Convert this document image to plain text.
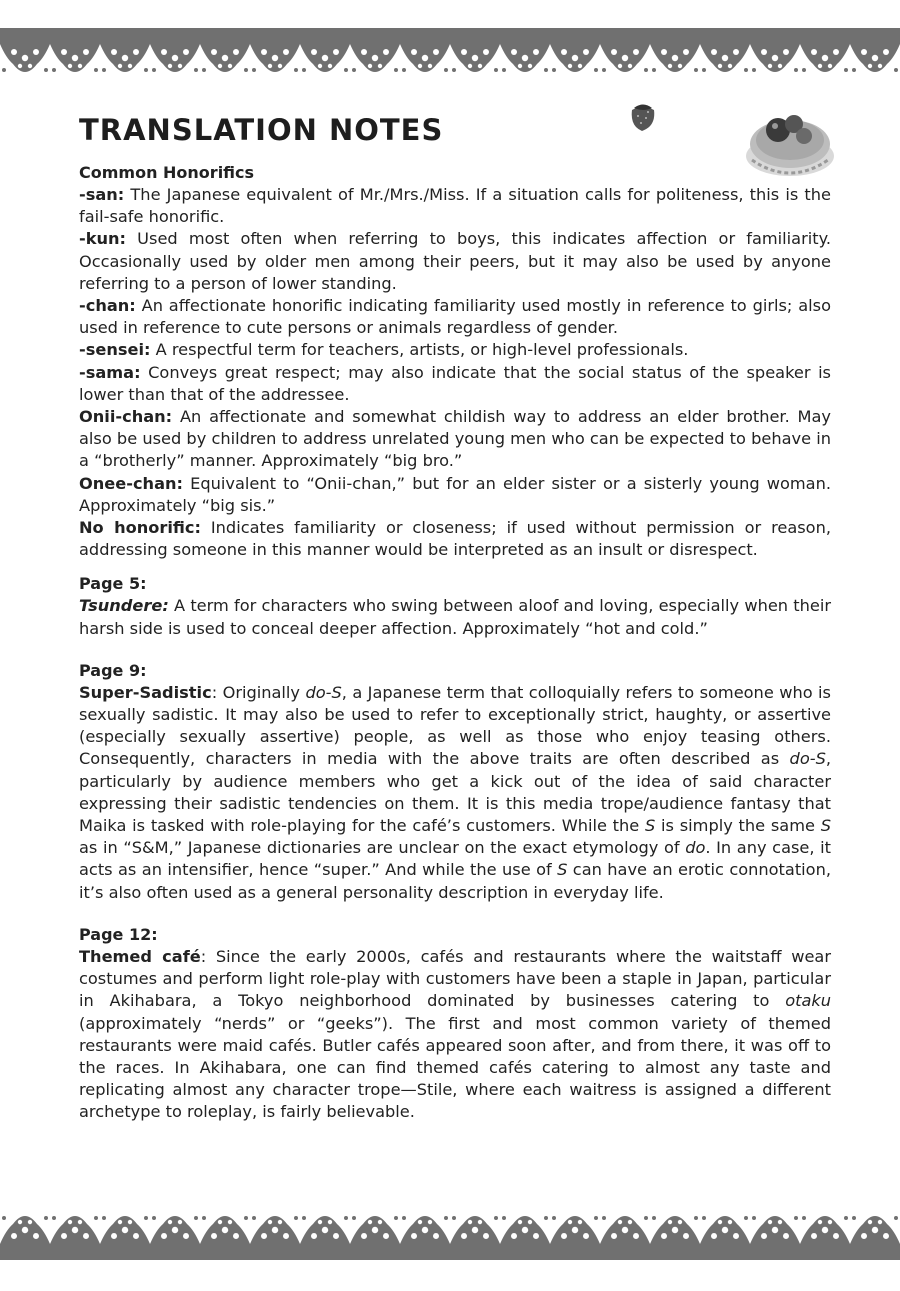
TRANSLATION NOTES

Common Honorifics

-san: The Japanese equivalent of Mr./Mrs./Miss. If a situation calls for politeness, this is the fail-safe honorific.

-kun: Used most often when referring to boys, this indicates affection or familiarity. Occasionally used by older men among their peers, but it may also be used by anyone referring to a person of lower standing.

-chan: An affectionate honorific indicating familiarity used mostly in reference to girls; also used in reference to cute persons or animals regardless of gender.

-sensei: A respectful term for teachers, artists, or high-level professionals.

-sama: Conveys great respect; may also indicate that the social status of the speaker is lower than that of the addressee.

Onii-chan: An affectionate and somewhat childish way to address an elder brother. May also be used by children to address unrelated young men who can be expected to behave in a “brotherly” manner. Approximately “big bro.”

Onee-chan: Equivalent to “Onii-chan,” but for an elder sister or a sisterly young woman. Approximately “big sis.”

No honorific: Indicates familiarity or closeness; if used without permission or reason, addressing someone in this manner would be interpreted as an insult or disrespect.

Page 5:

Tsundere: A term for characters who swing between aloof and loving, especially when their harsh side is used to conceal deeper affection. Approximately “hot and cold.”

Page 9:

Super-Sadistic: Originally do-S, a Japanese term that colloquially refers to someone who is sexually sadistic. It may also be used to refer to exceptionally strict, haughty, or assertive (especially sexually assertive) people, as well as those who enjoy teasing others. Consequently, characters in media with the above traits are often described as do-S, particularly by audience members who get a kick out of the idea of said character expressing their sadistic tendencies on them. It is this media trope/audience fantasy that Maika is tasked with role-playing for the café’s customers. While the S is simply the same S as in “S&M,” Japanese dictionaries are unclear on the exact etymology of do. In any case, it acts as an intensifier, hence “super.” And while the use of S can have an erotic connotation, it’s also often used as a general personality description in everyday life.

Page 12:

Themed café: Since the early 2000s, cafés and restaurants where the waitstaff wear costumes and perform light role-play with customers have been a staple in Japan, particular in Akihabara, a Tokyo neighborhood dominated by businesses catering to otaku (approximately “nerds” or “geeks”). The first and most common variety of themed restaurants were maid cafés. Butler cafés appeared soon after, and from there, it was off to the races. In Akihabara, one can find themed cafés catering to almost any taste and replicating almost any character trope—Stile, where each waitress is assigned a different archetype to roleplay, is fairly believable.
